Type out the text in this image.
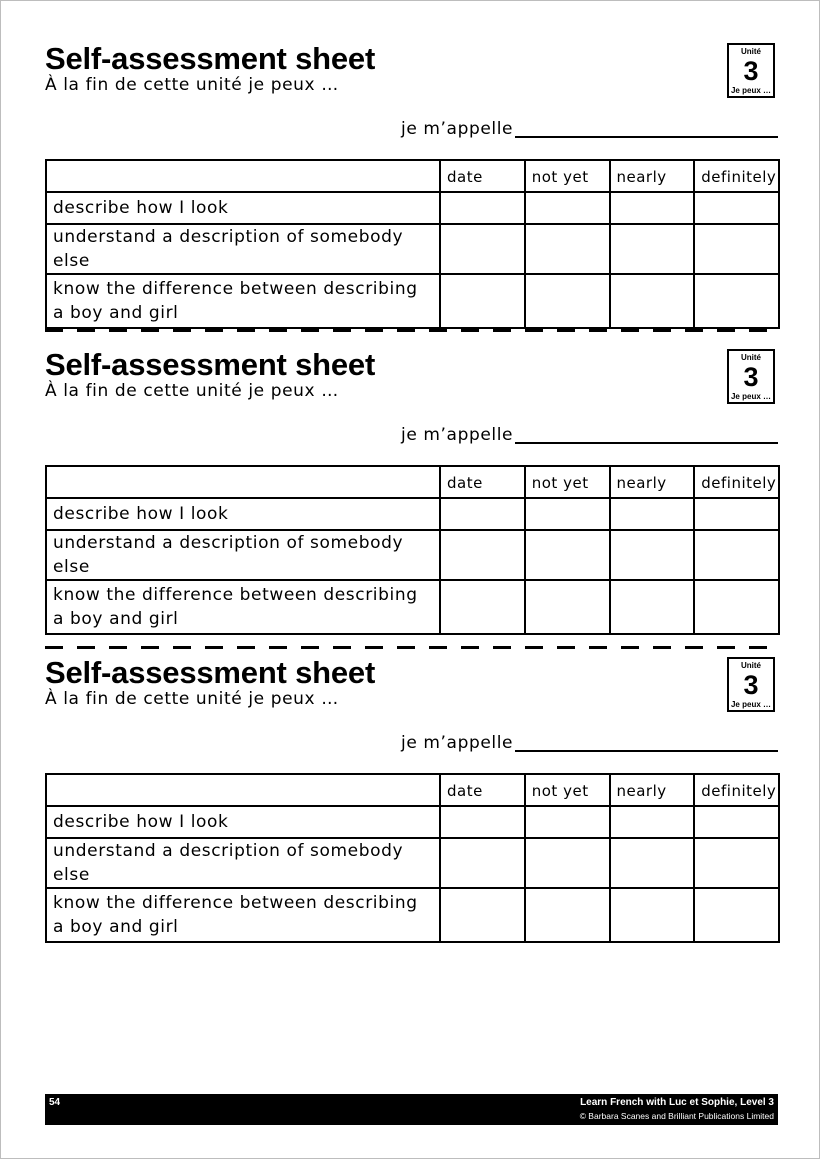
Self-assessment sheet

À la fin de cette unité je peux …

Unité
3
Je peux …
je m’appelle
	date	not yet	nearly	definitely
describe how I look				
understand a description of somebody else				
know the difference between describing a boy and girl				
Self-assessment sheet

À la fin de cette unité je peux …

Unité
3
Je peux …
je m’appelle
	date	not yet	nearly	definitely
describe how I look				
understand a description of somebody else				
know the difference between describing a boy and girl				
Self-assessment sheet

À la fin de cette unité je peux …

Unité
3
Je peux …
je m’appelle
	date	not yet	nearly	definitely
describe how I look				
understand a description of somebody else				
know the difference between describing a boy and girl				
54	Learn French with Luc et Sophie, Level 3
© Barbara Scanes and Brilliant Publications Limited
